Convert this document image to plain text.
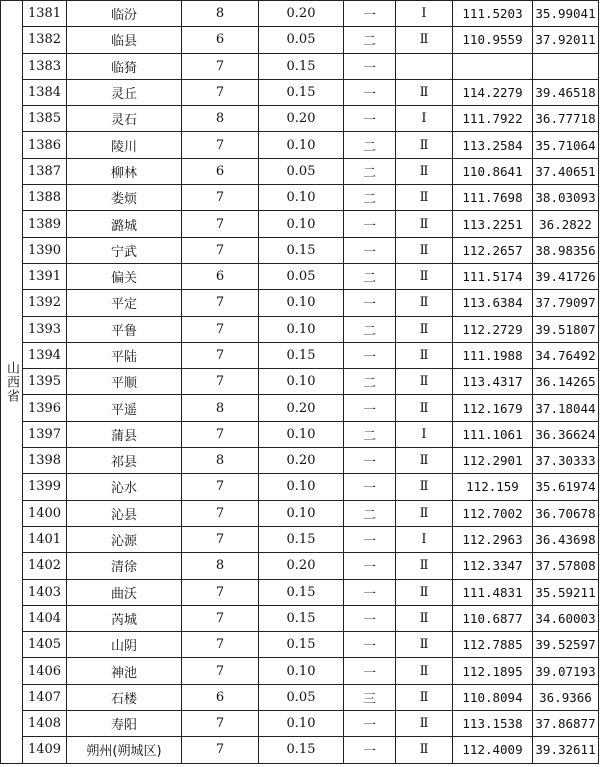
山西省	1381	临汾	8	0.20	一	Ⅰ	111.5203	35.99041
	1382	临县	6	0.05	二	Ⅱ	110.9559	37.92011
	1383	临猗	7	0.15	一			
	1384	灵丘	7	0.15	一	Ⅱ	114.2279	39.46518
	1385	灵石	8	0.20	一	Ⅰ	111.7922	36.77718
	1386	陵川	7	0.10	二	Ⅱ	113.2584	35.71064
	1387	柳林	6	0.05	二	Ⅱ	110.8641	37.40651
	1388	娄烦	7	0.10	二	Ⅱ	111.7698	38.03093
	1389	潞城	7	0.10	一	Ⅱ	113.2251	36.2822
	1390	宁武	7	0.15	一	Ⅱ	112.2657	38.98356
	1391	偏关	6	0.05	二	Ⅱ	111.5174	39.41726
	1392	平定	7	0.10	一	Ⅱ	113.6384	37.79097
	1393	平鲁	7	0.10	二	Ⅱ	112.2729	39.51807
	1394	平陆	7	0.15	一	Ⅱ	111.1988	34.76492
	1395	平顺	7	0.10	二	Ⅱ	113.4317	36.14265
	1396	平遥	8	0.20	一	Ⅱ	112.1679	37.18044
	1397	蒲县	7	0.10	二	Ⅰ	111.1061	36.36624
	1398	祁县	8	0.20	一	Ⅱ	112.2901	37.30333
	1399	沁水	7	0.10	一	Ⅱ	112.159	35.61974
	1400	沁县	7	0.10	二	Ⅱ	112.7002	36.70678
	1401	沁源	7	0.15	一	Ⅰ	112.2963	36.43698
	1402	清徐	8	0.20	一	Ⅱ	112.3347	37.57808
	1403	曲沃	7	0.15	一	Ⅱ	111.4831	35.59211
	1404	芮城	7	0.15	一	Ⅱ	110.6877	34.60003
	1405	山阴	7	0.15	一	Ⅱ	112.7885	39.52597
	1406	神池	7	0.10	一	Ⅱ	112.1895	39.07193
	1407	石楼	6	0.05	三	Ⅱ	110.8094	36.9366
	1408	寿阳	7	0.10	一	Ⅱ	113.1538	37.86877
	1409	朔州(朔城区)	7	0.15	一	Ⅱ	112.4009	39.32611
